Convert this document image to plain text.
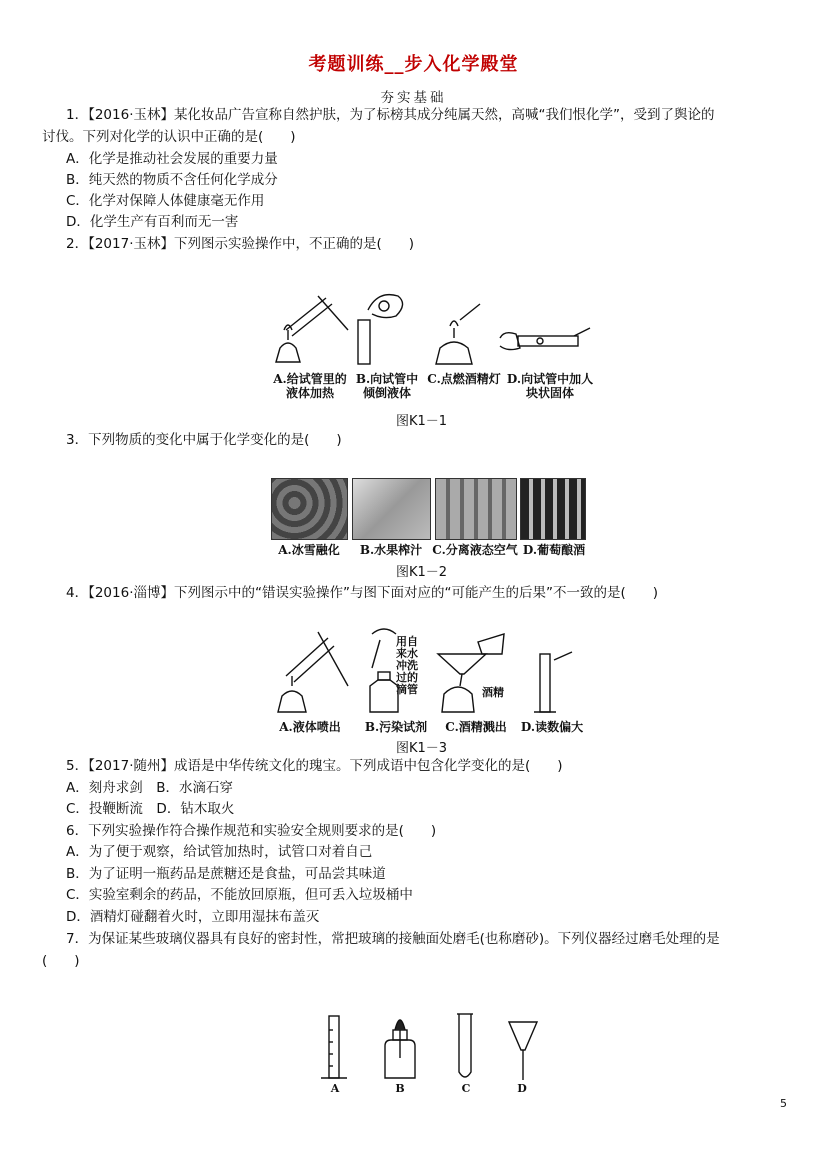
考题训练__步入化学殿堂
夯实基础
1．【2016·玉林】某化妆品广告宣称自然护肤，为了标榜其成分纯属天然，高喊“我们恨化学”，受到了舆论的
讨伐。下列对化学的认识中正确的是(　　)
A．化学是推动社会发展的重要力量
B．纯天然的物质不含任何化学成分
C．化学对保障人体健康毫无作用
D．化学生产有百利而无一害
2．【2017·玉林】下列图示实验操作中，不正确的是(　　)
A.给试管里的
液体加热
B.向试管中
倾倒液体
C.点燃酒精灯 D.向试管中加人
块状固体
图K1－1
3．下列物质的变化中属于化学变化的是(　　)
A.冰雪融化	B.水果榨汁 C.分离液态空气 D.葡萄酿酒
图K1－2
4．【2016·淄博】下列图示中的“错误实验操作”与图下面对应的“可能产生的后果”不一致的是(　　)
用自来水冲洗过的滴管	酒精
A.液体喷出	B.污染试剂	C.酒精溅出	D.读数偏大
图K1－3
5．【2017·随州】成语是中华传统文化的瑰宝。下列成语中包含化学变化的是(　　)
A．刻舟求剑　B．水滴石穿
C．投鞭断流　D．钻木取火
6．下列实验操作符合操作规范和实验安全规则要求的是(　　)
A．为了便于观察，给试管加热时，试管口对着自己
B．为了证明一瓶药品是蔗糖还是食盐，可品尝其味道
C．实验室剩余的药品，不能放回原瓶，但可丢入垃圾桶中
D．酒精灯碰翻着火时，立即用湿抹布盖灭
7．为保证某些玻璃仪器具有良好的密封性，常把玻璃的接触面处磨毛(也称磨砂)。下列仪器经过磨毛处理的是
(　　)
A	B	C	D
5
